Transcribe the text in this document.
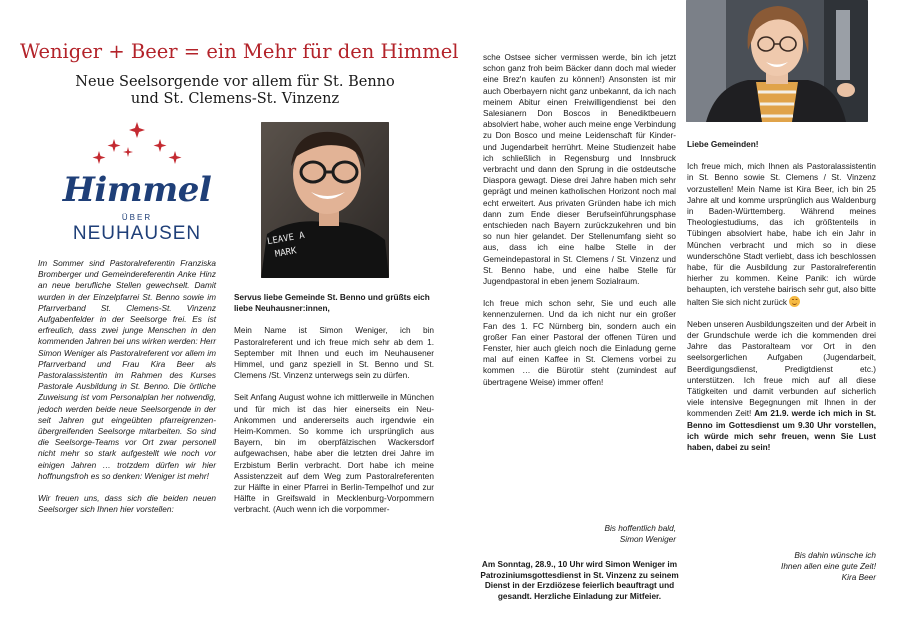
Weniger + Beer = ein Mehr für den Himmel
Neue Seelsorgende vor allem für St. Benno
und St. Clemens-St. Vinzenz
Himmel
ÜBER
NEUHAUSEN

Im Sommer sind Pastoralreferentin Franziska Bromberger und Gemeindereferentin Anke Hinz an neue berufliche Stellen gewechselt. Damit wurden in der Einzelpfarrei St. Benno sowie im Pfarrverband St. Clemens-St. Vinzenz Aufgabenfelder in der Seelsorge frei. Es ist erfreulich, dass zwei junge Menschen in den kommenden Jahren bei uns wirken werden: Herr Simon Weniger als Pastoralreferent vor allem im Pfarrverband und Frau Kira Beer als Pastoralassistentin im Rahmen des Kurses Pastorale Ausbildung in St. Benno. Die örtliche Zuweisung ist vom Personalplan her notwendig, jedoch werden beide neue Seelsorgende in der seit Jahren gut eingeübten pfarreigrenzen-übergreifenden Seelsorge mitarbeiten. So sind die Seelsorge-Teams vor Ort zwar personell nicht mehr so stark aufgestellt wie noch vor einigen Jahren … trotzdem dürfen wir hier hoffnungsfroh es so denken: Weniger ist mehr!

Wir freuen uns, dass sich die beiden neuen Seelsorger sich Ihnen hier vorstellen:

LEAVE A
MARK

Servus liebe Gemeinde St. Benno und grüßts eich liebe Neuhausner:innen,

Mein Name ist Simon Weniger, ich bin Pastoralreferent und ich freue mich sehr ab dem 1. September mit Ihnen und euch im Neuhausener Himmel, und ganz speziell in St. Benno und St. Clemens /St. Vinzenz unterwegs sein zu dürfen.

Seit Anfang August wohne ich mittlerweile in München und für mich ist das hier einerseits ein Neu-Ankommen und andererseits auch irgendwie ein Heim-Kommen. So komme ich ursprünglich aus Bayern, bin im oberpfälzischen Wackersdorf aufgewachsen, habe aber die letzten drei Jahre im Erzbistum Berlin verbracht. Dort habe ich meine Assistenzzeit auf dem Weg zum Pastoralreferenten zur Hälfte in einer Pfarrei in Berlin-Tempelhof und zur Hälfte in Greifswald in Mecklenburg-Vorpommern verbracht. (Auch wenn ich die vorpommer-

sche Ostsee sicher vermissen werde, bin ich jetzt schon ganz froh beim Bäcker dann doch mal wieder eine Brez'n kaufen zu können!) Ansonsten ist mir auch Oberbayern nicht ganz unbekannt, da ich nach meinem Abitur einen Freiwilligendienst bei den Salesianern Don Boscos in Benediktbeuern absolviert habe, woher auch meine enge Verbindung zu Don Bosco und meine Leidenschaft für Kinder- und Jugendarbeit herrührt. Meine Studienzeit habe ich schließlich in Regensburg und Innsbruck verbracht und dann den Sprung in die ostdeutsche Diaspora gewagt. Diese drei Jahre haben mich sehr geprägt und meinen katholischen Horizont noch mal echt erweitert. Aus privaten Gründen habe ich mich dann zum Ende dieser Berufseinführungsphase entschieden nach Bayern zurückzukehren und bin so nun hier gelandet. Der Stellenumfang sieht so aus, dass ich eine halbe Stelle in der Gemeindepastoral in St. Clemens / St. Vinzenz und St. Benno habe, und eine halbe Stelle für Jugendpastoral in eben jenem Sozialraum.

Ich freue mich schon sehr, Sie und euch alle kennenzulernen. Und da ich nicht nur ein großer Fan des 1. FC Nürnberg bin, sondern auch ein großer Fan einer Pastoral der offenen Türen und Fenster, hier auch gleich noch die Einladung gerne mal auf einen Kaffee in St. Clemens vorbei zu kommen … die Bürotür steht (zumindest auf übertragene Weise) immer offen!

Bis hoffentlich bald,
Simon Weniger
Am Sonntag, 28.9., 10 Uhr wird Simon Weniger im Patroziniumsgottesdienst in St. Vinzenz zu seinem Dienst in der Erzdiözese feierlich beauftragt und gesandt. Herzliche Einladung zur Mitfeier.

Liebe Gemeinden!

Ich freue mich, mich Ihnen als Pastoralassistentin in St. Benno sowie St. Clemens / St. Vinzenz vorzustellen! Mein Name ist Kira Beer, ich bin 25 Jahre alt und komme ursprünglich aus Waldenburg in Baden-Württemberg. Während meines Theologiestudiums, das ich größtenteils in Tübingen absolviert habe, habe ich ein Jahr in München verbracht und mich so in diese wunderschöne Stadt verliebt, dass ich beschlossen habe, für die Ausbildung zur Pastoralreferentin hierher zu kommen. Keine Panik: ich würde behaupten, ich verstehe bairisch sehr gut, also bitte halten Sie sich nicht zurück

Neben unseren Ausbildungszeiten und der Arbeit in der Grundschule werde ich die kommenden drei Jahre das Pastoralteam vor Ort in den seelsorgerlichen Aufgaben (Jugendarbeit, Beerdigungsdienst, Predigtdienst etc.) unterstützen. Ich freue mich auf all diese Tätigkeiten und damit verbunden auf sicherlich viele intensive Begegnungen mit Ihnen in der kommenden Zeit! Am 21.9. werde ich mich in St. Benno im Gottesdienst um 9.30 Uhr vorstellen, ich würde mich sehr freuen, wenn Sie Lust haben, dabei zu sein!

Bis dahin wünsche ich
Ihnen allen eine gute Zeit!
Kira Beer
